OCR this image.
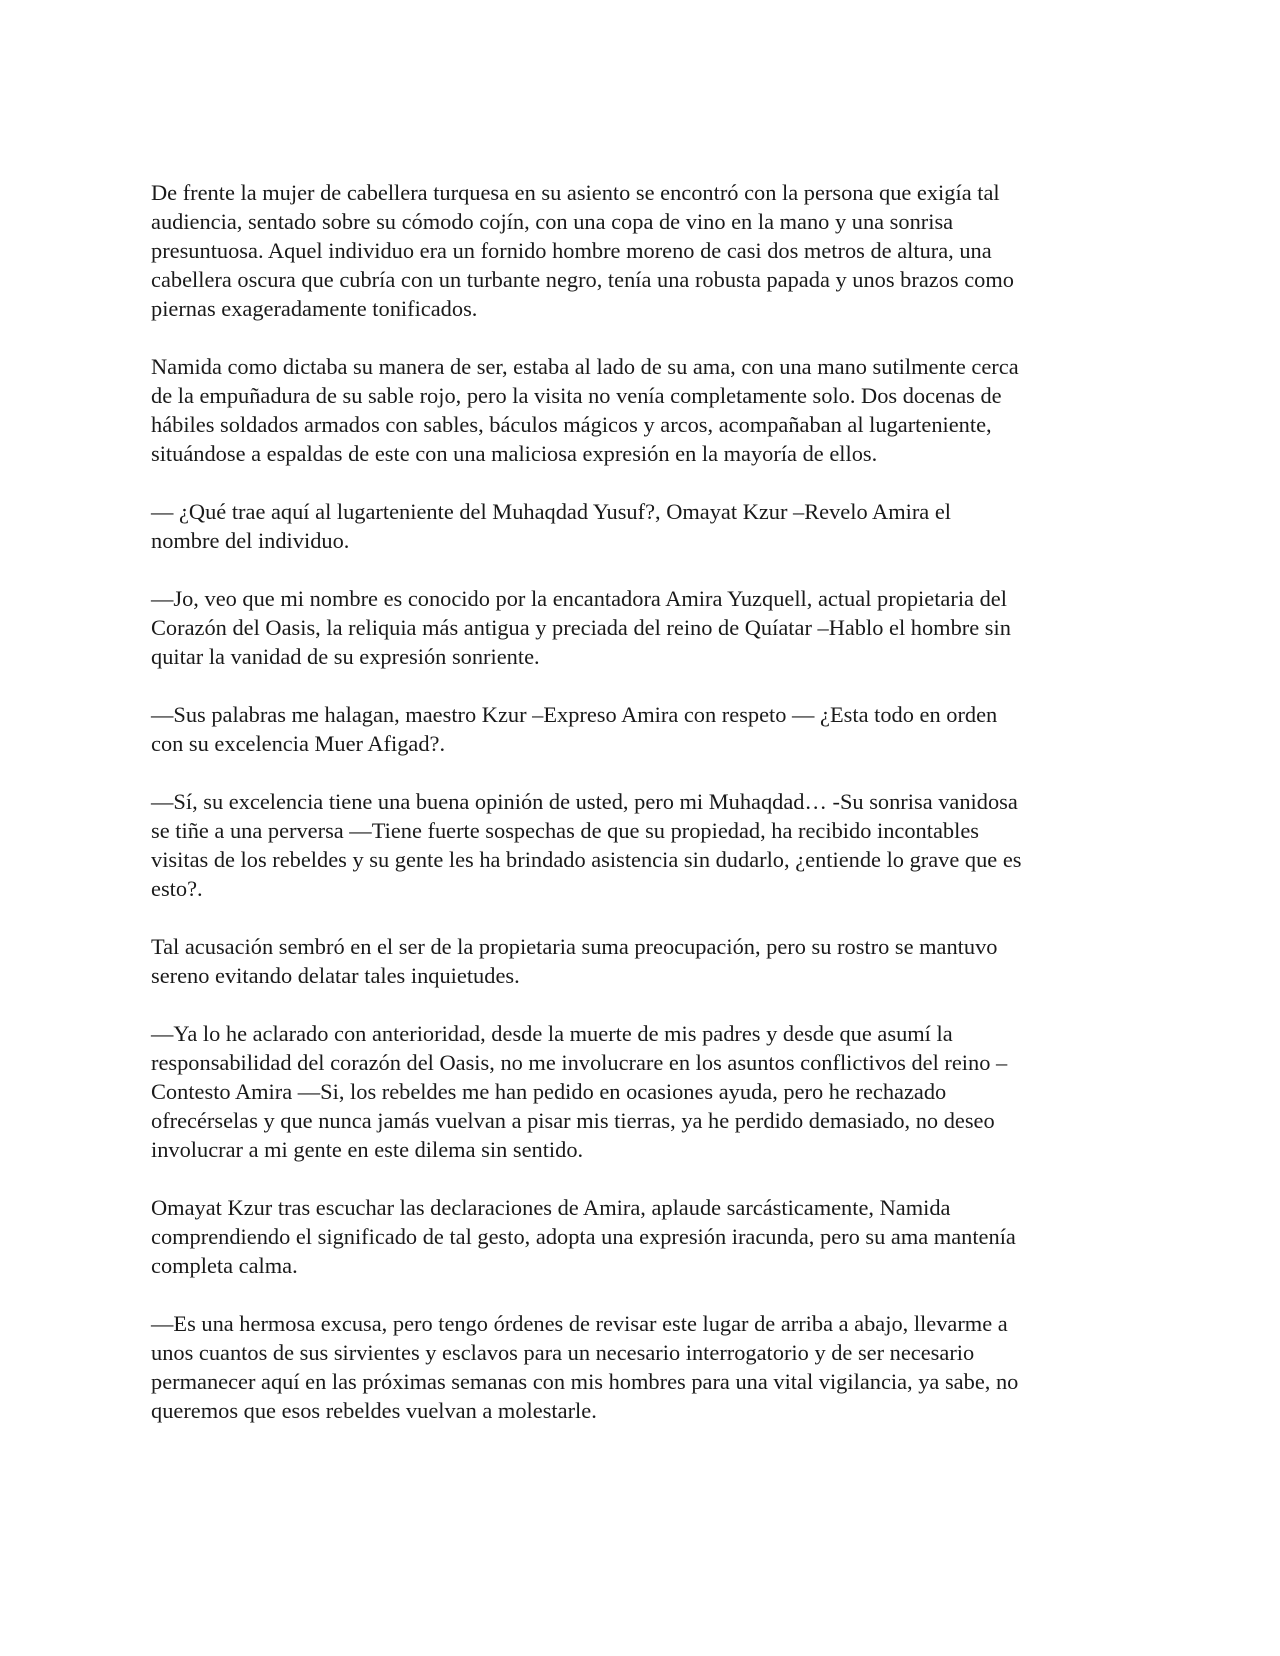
De frente la mujer de cabellera turquesa en su asiento se encontró con la persona que exigía tal
audiencia, sentado sobre su cómodo cojín, con una copa de vino en la mano y una sonrisa
presuntuosa. Aquel individuo era un fornido hombre moreno de casi dos metros de altura, una
cabellera oscura que cubría con un turbante negro, tenía una robusta papada y unos brazos como
piernas exageradamente tonificados.

Namida como dictaba su manera de ser, estaba al lado de su ama, con una mano sutilmente cerca
de la empuñadura de su sable rojo, pero la visita no venía completamente solo. Dos docenas de
hábiles soldados armados con sables, báculos mágicos y arcos, acompañaban al lugarteniente,
situándose a espaldas de este con una maliciosa expresión en la mayoría de ellos.

— ¿Qué trae aquí al lugarteniente del Muhaqdad Yusuf?, Omayat Kzur –Revelo Amira el
nombre del individuo.

—Jo, veo que mi nombre es conocido por la encantadora Amira Yuzquell, actual propietaria del
Corazón del Oasis, la reliquia más antigua y preciada del reino de Quíatar –Hablo el hombre sin
quitar la vanidad de su expresión sonriente.

—Sus palabras me halagan, maestro Kzur –Expreso Amira con respeto — ¿Esta todo en orden
con su excelencia Muer Afigad?.

—Sí, su excelencia tiene una buena opinión de usted, pero mi Muhaqdad… -Su sonrisa vanidosa
se tiñe a una perversa —Tiene fuerte sospechas de que su propiedad, ha recibido incontables
visitas de los rebeldes y su gente les ha brindado asistencia sin dudarlo, ¿entiende lo grave que es
esto?.

Tal acusación sembró en el ser de la propietaria suma preocupación, pero su rostro se mantuvo
sereno evitando delatar tales inquietudes.

—Ya lo he aclarado con anterioridad, desde la muerte de mis padres y desde que asumí la
responsabilidad del corazón del Oasis, no me involucrare en los asuntos conflictivos del reino –
Contesto Amira —Si, los rebeldes me han pedido en ocasiones ayuda, pero he rechazado
ofrecérselas y que nunca jamás vuelvan a pisar mis tierras, ya he perdido demasiado, no deseo
involucrar a mi gente en este dilema sin sentido.

Omayat Kzur tras escuchar las declaraciones de Amira, aplaude sarcásticamente, Namida
comprendiendo el significado de tal gesto, adopta una expresión iracunda, pero su ama mantenía
completa calma.

—Es una hermosa excusa, pero tengo órdenes de revisar este lugar de arriba a abajo, llevarme a
unos cuantos de sus sirvientes y esclavos para un necesario interrogatorio y de ser necesario
permanecer aquí en las próximas semanas con mis hombres para una vital vigilancia, ya sabe, no
queremos que esos rebeldes vuelvan a molestarle.
